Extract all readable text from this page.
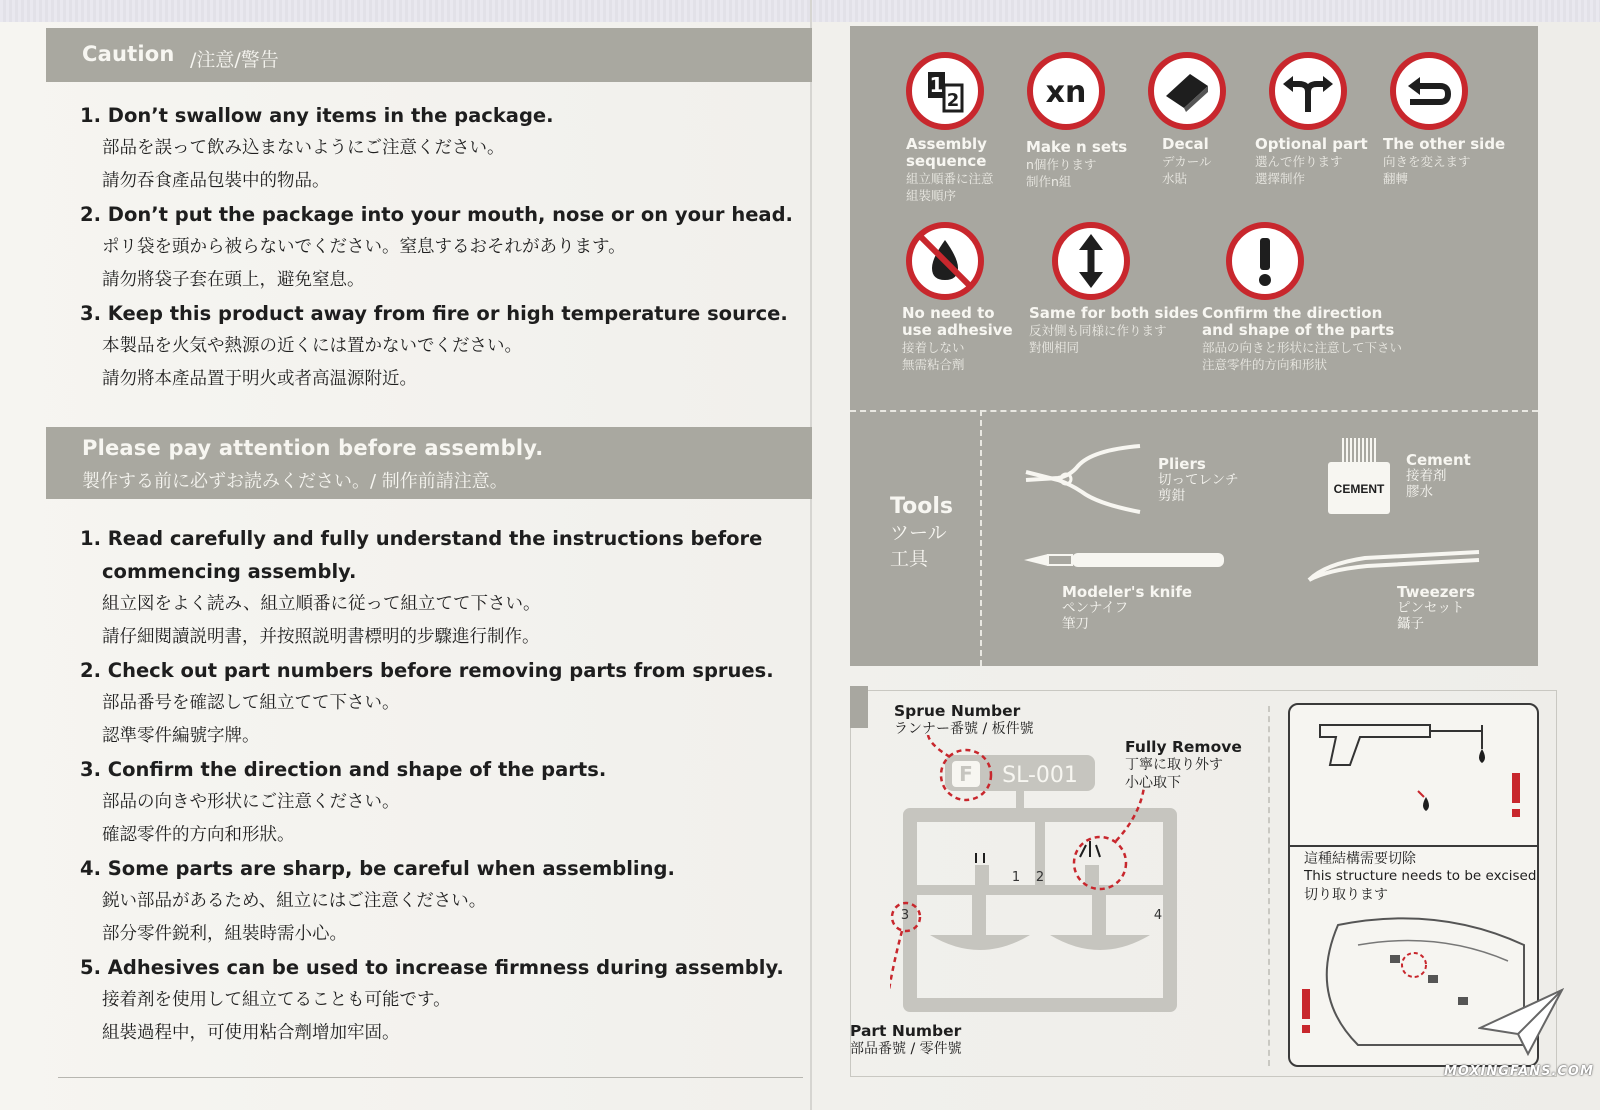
Caution /注意/警告
1. Don’t swallow any items in the package.
部品を誤って飲み込まないようにご注意ください。
請勿吞食產品包裝中的物品。
2. Don’t put the package into your mouth, nose or on your head.
ポリ袋を頭から被らないでください。窒息するおそれがあります。
請勿將袋子套在頭上，避免窒息。
3. Keep this product away from fire or high temperature source.
本製品を火気や熱源の近くには置かないでください。
請勿將本產品置于明火或者高温源附近。
Please pay attention before assembly.
製作する前に必ずお読みください。/ 制作前請注意。
1. Read carefully and fully understand the instructions before
commencing assembly.
組立図をよく読み、組立順番に従って組立てて下さい。
請仔細閱讀説明書，并按照説明書標明的步驟進行制作。
2. Check out part numbers before removing parts from sprues.
部品番号を確認して組立てて下さい。
認準零件編號字牌。
3. Confirm the direction and shape of the parts.
部品の向きや形状にご注意ください。
確認零件的方向和形狀。
4. Some parts are sharp, be careful when assembling.
鋭い部品があるため、組立にはご注意ください。
部分零件鋭利，組裝時需小心。
5. Adhesives can be used to increase firmness during assembly.
接着剤を使用して組立てることも可能です。
組裝過程中，可使用粘合劑增加牢固。
1
2	xn
Assembly
sequence
組立順番に注意
組裝順序
Make n sets
n個作ります
制作n組
Decal
デカール
水貼
Optional part
選んで作ります
選擇制作
The other side
向きを変えます
翻轉
No need to
use adhesive
接着しない
無需粘合劑
Same for both sides
反対側も同様に作ります
對側相同
Confirm the direction
and shape of the parts
部品の向きと形状に注意して下さい
注意零件的方向和形狀
Tools
ツール
工具
Pliers
切ってレンチ
剪鉗	CEMENT
Cement
接着剤
膠水
Modeler's knife
ペンナイフ
筆刀
Tweezers
ピンセット
鑷子
Sprue Number
ランナー番號 / 板件號
Fully Remove
丁寧に取り外す
小心取下
Part Number
部品番號 / 零件號
F SL-001
1 2
3	4
這種結構需要切除
This structure needs to be excised
切り取ります
MOXINGFANS.COM
